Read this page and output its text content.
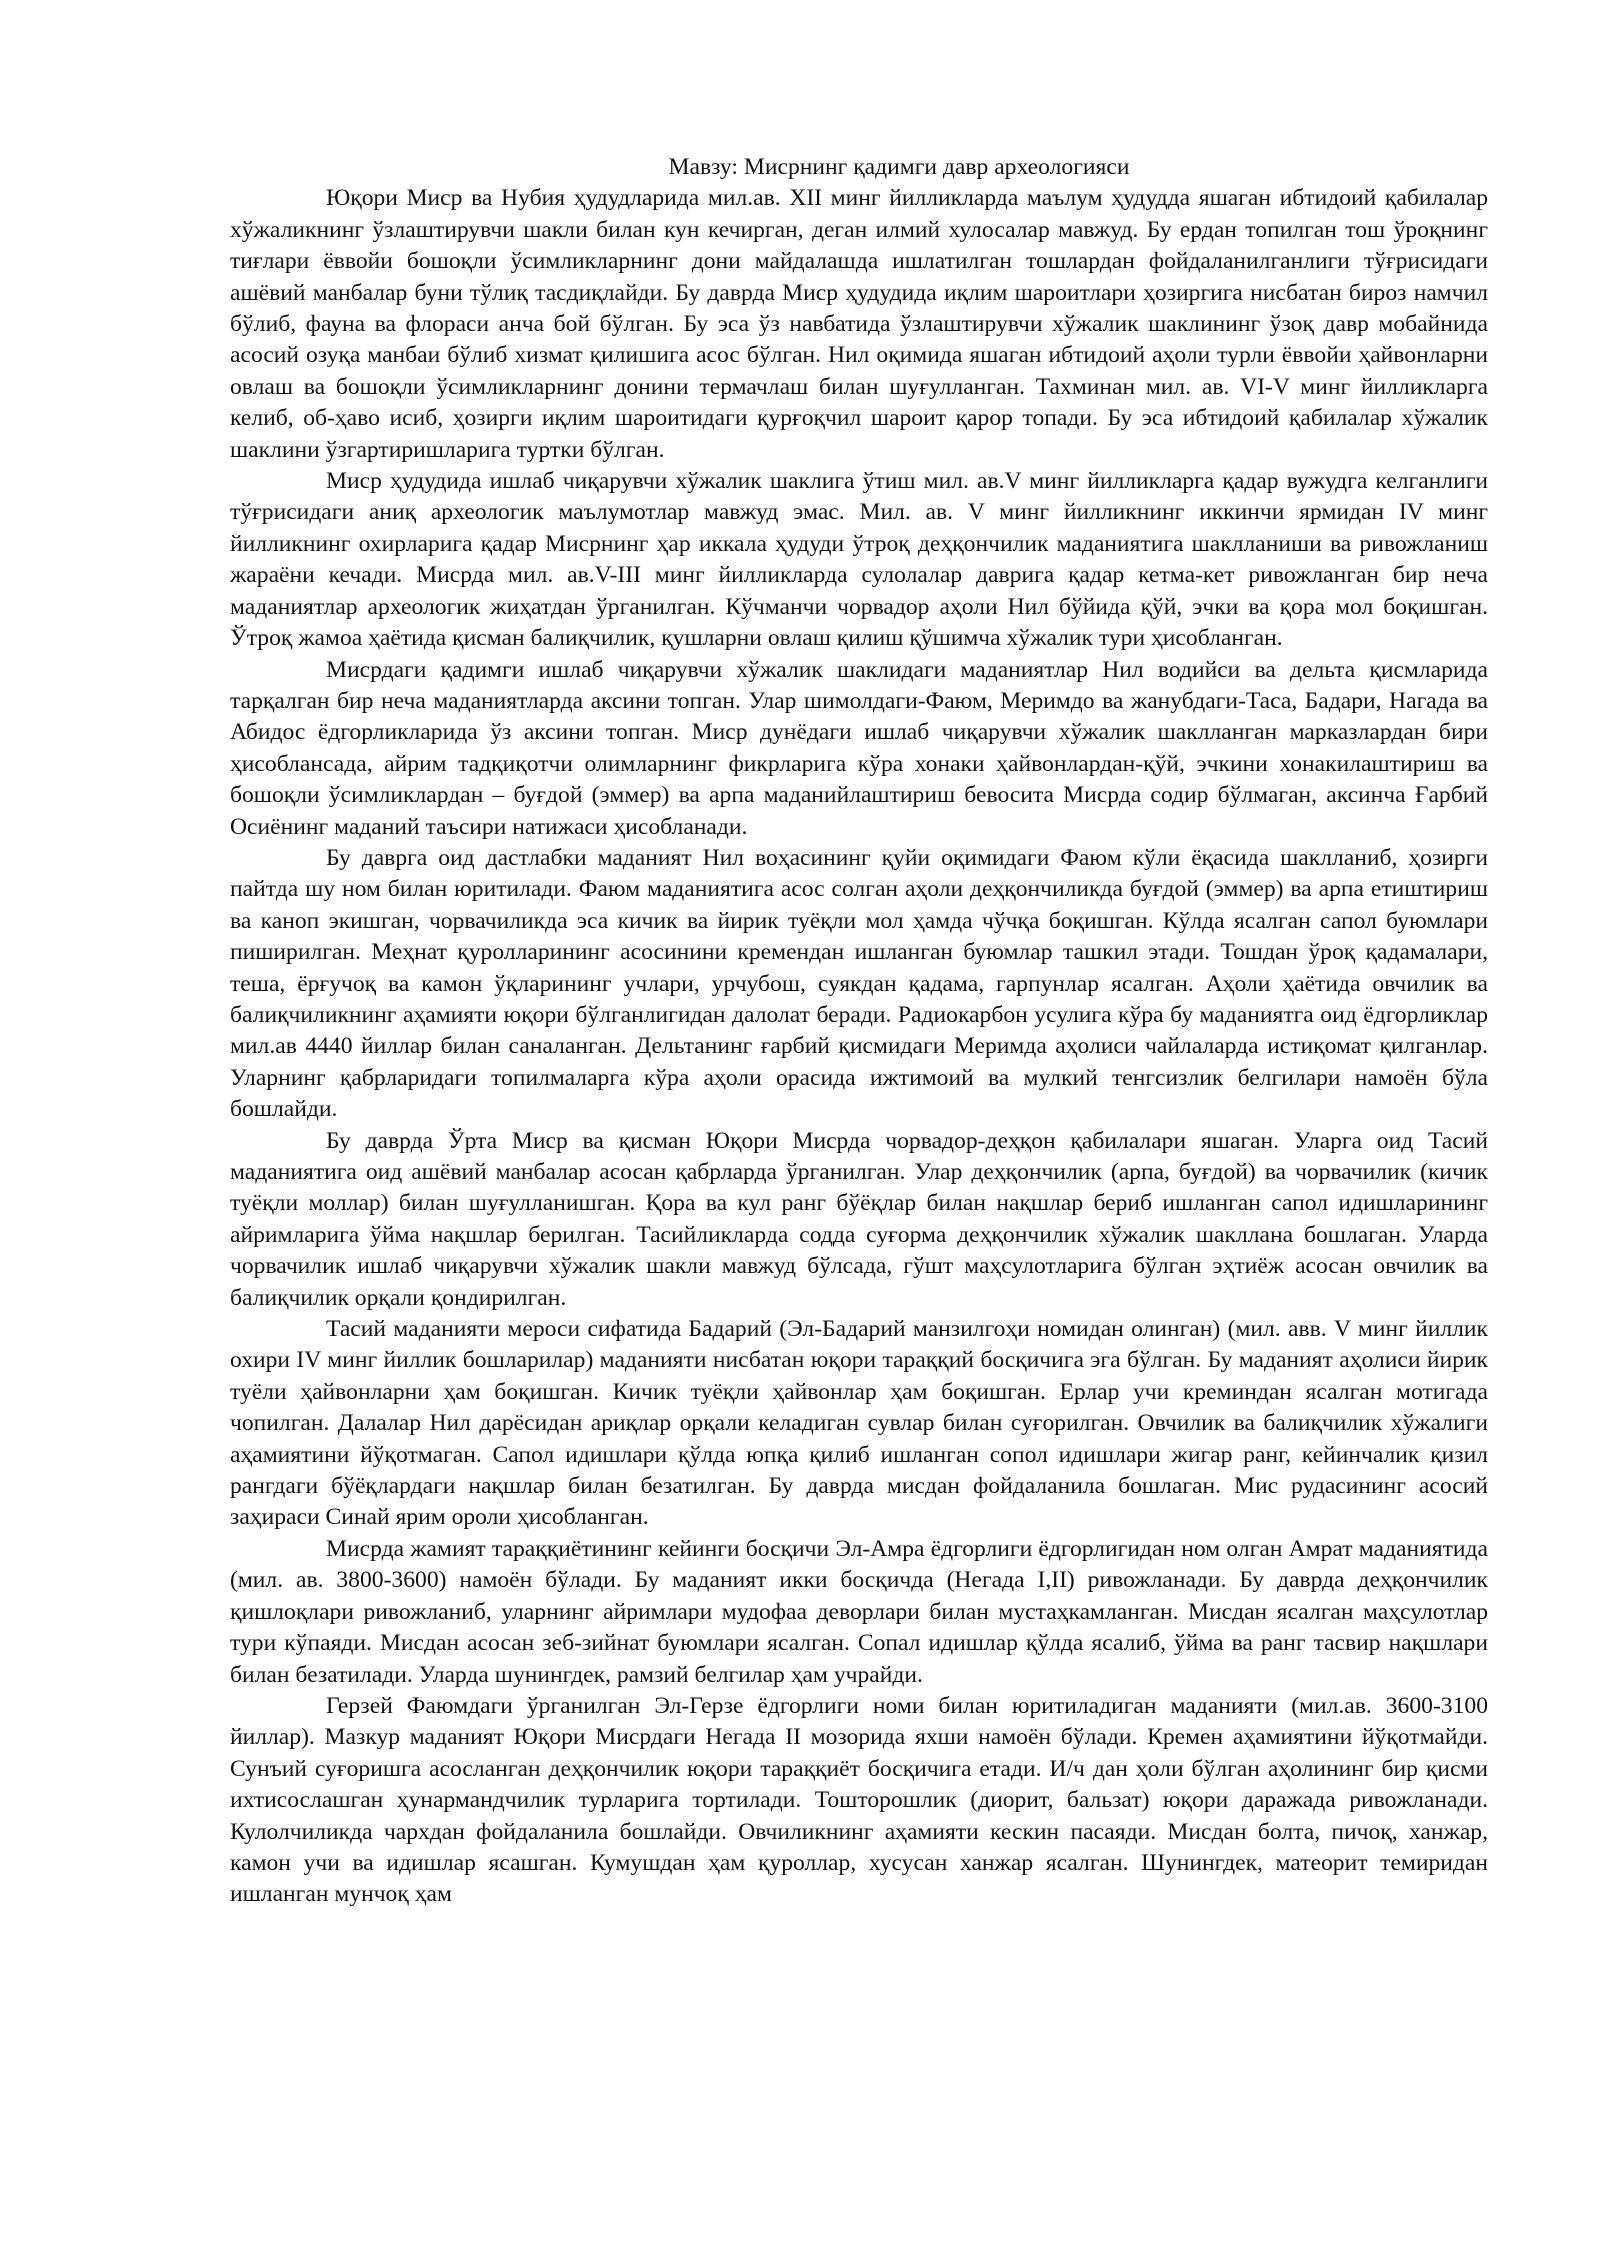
Мавзу: Мисрнинг қадимги давр археологияси

Юқори Миср ва Нубия ҳудудларида мил.ав. XII минг йилликларда маълум ҳудудда яшаган ибтидоий қабилалар хўжаликнинг ўзлаштирувчи шакли билан кун кечирган, деган илмий хулосалар мавжуд. Бу ердан топилган тош ўроқнинг тиғлари ёввойи бошоқли ўсимликларнинг дони майдалашда ишлатилган тошлардан фойдаланилганлиги тўғрисидаги ашёвий манбалар буни тўлиқ тасдиқлайди. Бу даврда Миср ҳудудида иқлим шароитлари ҳозиргига нисбатан бироз намчил бўлиб, фауна ва флораси анча бой бўлган. Бу эса ўз навбатида ўзлаштирувчи хўжалик шаклининг ўзоқ давр мобайнида асосий озуқа манбаи бўлиб хизмат қилишига асос бўлган. Нил оқимида яшаган ибтидоий аҳоли турли ёввойи ҳайвонларни овлаш ва бошоқли ўсимликларнинг донини термачлаш билан шуғулланган. Тахминан мил. ав. VI-V минг йилликларга келиб, об-ҳаво исиб, ҳозирги иқлим шароитидаги қурғоқчил шароит қарор топади. Бу эса ибтидоий қабилалар хўжалик шаклини ўзгартиришларига туртки бўлган.

Миср ҳудудида ишлаб чиқарувчи хўжалик шаклига ўтиш мил. ав.V минг йилликларга қадар вужудга келганлиги тўғрисидаги аниқ археологик маълумотлар мавжуд эмас. Мил. ав. V минг йилликнинг иккинчи ярмидан IV минг йилликнинг охирларига қадар Мисрнинг ҳар иккала ҳудуди ўтроқ деҳқончилик маданиятига шаклланиши ва ривожланиш жараёни кечади. Мисрда мил. ав.V-III минг йилликларда сулолалар даврига қадар кетма-кет ривожланган бир неча маданиятлар археологик жиҳатдан ўрганилган. Кўчманчи чорвадор аҳоли Нил бўйида қўй, эчки ва қора мол боқишган. Ўтроқ жамоа ҳаётида қисман балиқчилик, қушларни овлаш қилиш қўшимча хўжалик тури ҳисобланган.

Мисрдаги қадимги ишлаб чиқарувчи хўжалик шаклидаги маданиятлар Нил водийси ва дельта қисмларида тарқалган бир неча маданиятларда аксини топган. Улар шимолдаги-Фаюм, Меримдо ва жанубдаги-Таса, Бадари, Нагада ва Абидос ёдгорликларида ўз аксини топган. Миср дунёдаги ишлаб чиқарувчи хўжалик шаклланган марказлардан бири ҳисоблансада, айрим тадқиқотчи олимларнинг фикрларига кўра хонаки ҳайвонлардан-қўй, эчкини хонакилаштириш ва бошоқли ўсимликлардан – буғдой (эммер) ва арпа маданийлаштириш бевосита Мисрда содир бўлмаган, аксинча Ғарбий Осиёнинг маданий таъсири натижаси ҳисобланади.

Бу даврга оид дастлабки маданият Нил воҳасининг қуйи оқимидаги Фаюм кўли ёқасида шаклланиб, ҳозирги пайтда шу ном билан юритилади. Фаюм маданиятига асос солган аҳоли деҳқончиликда буғдой (эммер) ва арпа етиштириш ва каноп экишган, чорвачиликда эса кичик ва йирик туёқли мол ҳамда чўчқа боқишган. Кўлда ясалган сапол буюмлари пиширилган. Меҳнат қуролларининг асосинини кремендан ишланган буюмлар ташкил этади. Тошдан ўроқ қадамалари, теша, ёрғучоқ ва камон ўқларининг учлари, урчубош, суякдан қадама, гарпунлар ясалган. Аҳоли ҳаётида овчилик ва балиқчиликнинг аҳамияти юқори бўлганлигидан далолат беради. Радиокарбон усулига кўра бу маданиятга оид ёдгорликлар мил.ав 4440 йиллар билан саналанган. Дельтанинг ғарбий қисмидаги Меримда аҳолиси чайлаларда истиқомат қилганлар. Уларнинг қабрларидаги топилмаларга кўра аҳоли орасида ижтимоий ва мулкий тенгсизлик белгилари намоён бўла бошлайди.

Бу даврда Ўрта Миср ва қисман Юқори Мисрда чорвадор-деҳқон қабилалари яшаган. Уларга оид Тасий маданиятига оид ашёвий манбалар асосан қабрларда ўрганилган. Улар деҳқончилик (арпа, буғдой) ва чорвачилик (кичик туёқли моллар) билан шуғулланишган. Қора ва кул ранг бўёқлар билан нақшлар бериб ишланган сапол идишларининг айримларига ўйма нақшлар берилган. Тасийликларда содда суғорма деҳқончилик хўжалик шакллана бошлаган. Уларда чорвачилик ишлаб чиқарувчи хўжалик шакли мавжуд бўлсада, гўшт маҳсулотларига бўлган эҳтиёж асосан овчилик ва балиқчилик орқали қондирилган.

Тасий маданияти мероси сифатида Бадарий (Эл-Бадарий манзилгоҳи номидан олинган) (мил. авв. V минг йиллик охири IV минг йиллик бошларилар) маданияти нисбатан юқори тараққий босқичига эга бўлган. Бу маданият аҳолиси йирик туёли ҳайвонларни ҳам боқишган. Кичик туёқли ҳайвонлар ҳам боқишган. Ерлар учи креминдан ясалган мотигада чопилган. Далалар Нил дарёсидан ариқлар орқали келадиган сувлар билан суғорилган. Овчилик ва балиқчилик хўжалиги аҳамиятини йўқотмаган. Сапол идишлари қўлда юпқа қилиб ишланган сопол идишлари жигар ранг, кейинчалик қизил рангдаги бўёқлардаги нақшлар билан безатилган. Бу даврда мисдан фойдаланила бошлаган. Мис рудасининг асосий заҳираси Синай ярим ороли ҳисобланган.

Мисрда жамият тараққиётининг кейинги босқичи Эл-Амра ёдгорлиги ёдгорлигидан ном олган Амрат маданиятида (мил. ав. 3800-3600) намоён бўлади. Бу маданият икки босқичда (Негада I,II) ривожланади. Бу даврда деҳқончилик қишлоқлари ривожланиб, уларнинг айримлари мудофаа деворлари билан мустаҳкамланган. Мисдан ясалган маҳсулотлар тури кўпаяди. Мисдан асосан зеб-зийнат буюмлари ясалган. Сопал идишлар қўлда ясалиб, ўйма ва ранг тасвир нақшлари билан безатилади. Уларда шунингдек, рамзий белгилар ҳам учрайди.

Герзей Фаюмдаги ўрганилган Эл-Герзе ёдгорлиги номи билан юритиладиган маданияти (мил.ав. 3600-3100 йиллар). Мазкур маданият Юқори Мисрдаги Негада II мозорида яхши намоён бўлади. Кремен аҳамиятини йўқотмайди. Сунъий суғоришга асосланган деҳқончилик юқори тараққиёт босқичига етади. И/ч дан ҳоли бўлган аҳолининг бир қисми ихтисослашган ҳунармандчилик турларига тортилади. Тошторошлик (диорит, бальзат) юқори даражада ривожланади. Кулолчиликда чархдан фойдаланила бошлайди. Овчиликнинг аҳамияти кескин пасаяди. Мисдан болта, пичоқ, ханжар, камон учи ва идишлар ясашган. Кумушдан ҳам қуроллар, хусусан ханжар ясалган. Шунингдек, матеорит темиридан ишланган мунчоқ ҳам
